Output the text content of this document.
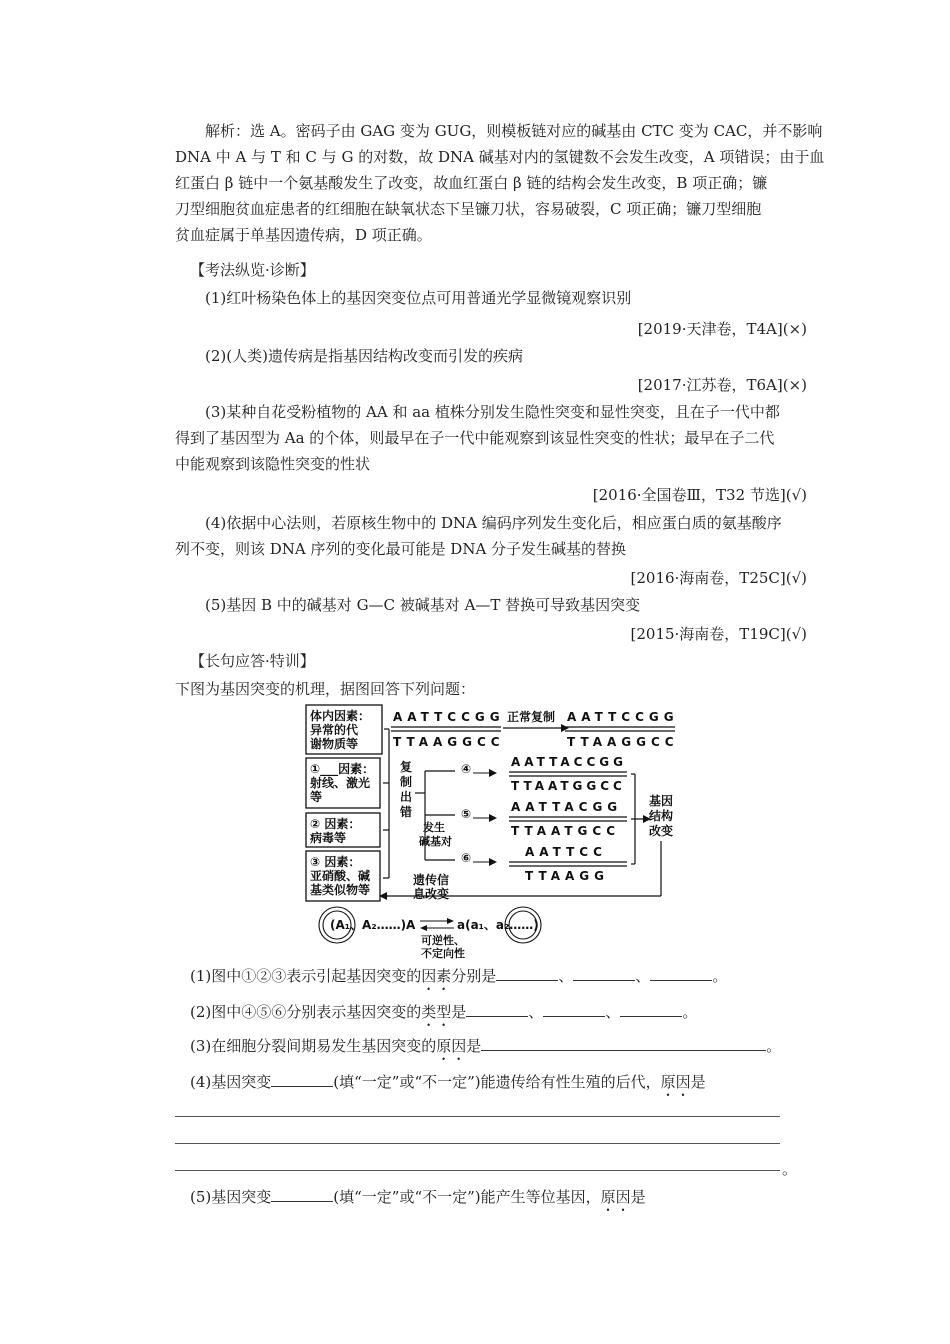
解析：选 A。密码子由 GAG 变为 GUG，则模板链对应的碱基由 CTC 变为 CAC，并不影响
DNA 中 A 与 T 和 C 与 G 的对数，故 DNA 碱基对内的氢键数不会发生改变，A 项错误；由于血
红蛋白 β 链中一个氨基酸发生了改变，故血红蛋白 β 链的结构会发生改变，B 项正确；镰
刀型细胞贫血症患者的红细胞在缺氧状态下呈镰刀状，容易破裂，C 项正确；镰刀型细胞
贫血症属于单基因遗传病，D 项正确。
【考法纵览·诊断】
(1)红叶杨染色体上的基因突变位点可用普通光学显微镜观察识别
[2019·天津卷，T4A](×)
(2)(人类)遗传病是指基因结构改变而引发的疾病
[2017·江苏卷，T6A](×)
(3)某种自花受粉植物的 AA 和 aa 植株分别发生隐性突变和显性突变，且在子一代中都
得到了基因型为 Aa 的个体，则最早在子一代中能观察到该显性突变的性状；最早在子二代
中能观察到该隐性突变的性状
[2016·全国卷Ⅲ，T32 节选](√)
(4)依据中心法则，若原核生物中的 DNA 编码序列发生变化后，相应蛋白质的氨基酸序
列不变，则该 DNA 序列的变化最可能是 DNA 分子发生碱基的替换
[2016·海南卷，T25C](√)
(5)基因 B 中的碱基对 G—C 被碱基对 A—T 替换可导致基因突变
[2015·海南卷，T19C](√)
【长句应答·特训】
下图为基因突变的机理，据图回答下列问题：
体内因素：
异常的代
谢物质等
①___因素：
射线、激光
等
② 因素：
病毒等
③ 因素：
亚硝酸、碱
基类似物等
AATTCCGG
TTAAGGCC
正常复制 AATTCCGG
TTAAGGCC
复
制
出
错
发生
碱基对
④
⑤
⑥
AATTACCGG
TTAATGGCC
AATTACGG
TTAATGCC
AATTCC
TTAAGG
基因
结构
改变
遗传信
息改变
(A₁、A₂……)A	a(a₁、a₂……)
可逆性、
不定向性
(1)图中①②③表示引起基因突变的因素分别是	、	、	。
(2)图中④⑤⑥分别表示基因突变的类型是	、	、	。
(3)在细胞分裂间期易发生基因突变的原因是	。
(4)基因突变	(填“一定”或“不一定”)能遗传给有性生殖的后代，原因是
。
(5)基因突变	(填“一定”或“不一定”)能产生等位基因，原因是
